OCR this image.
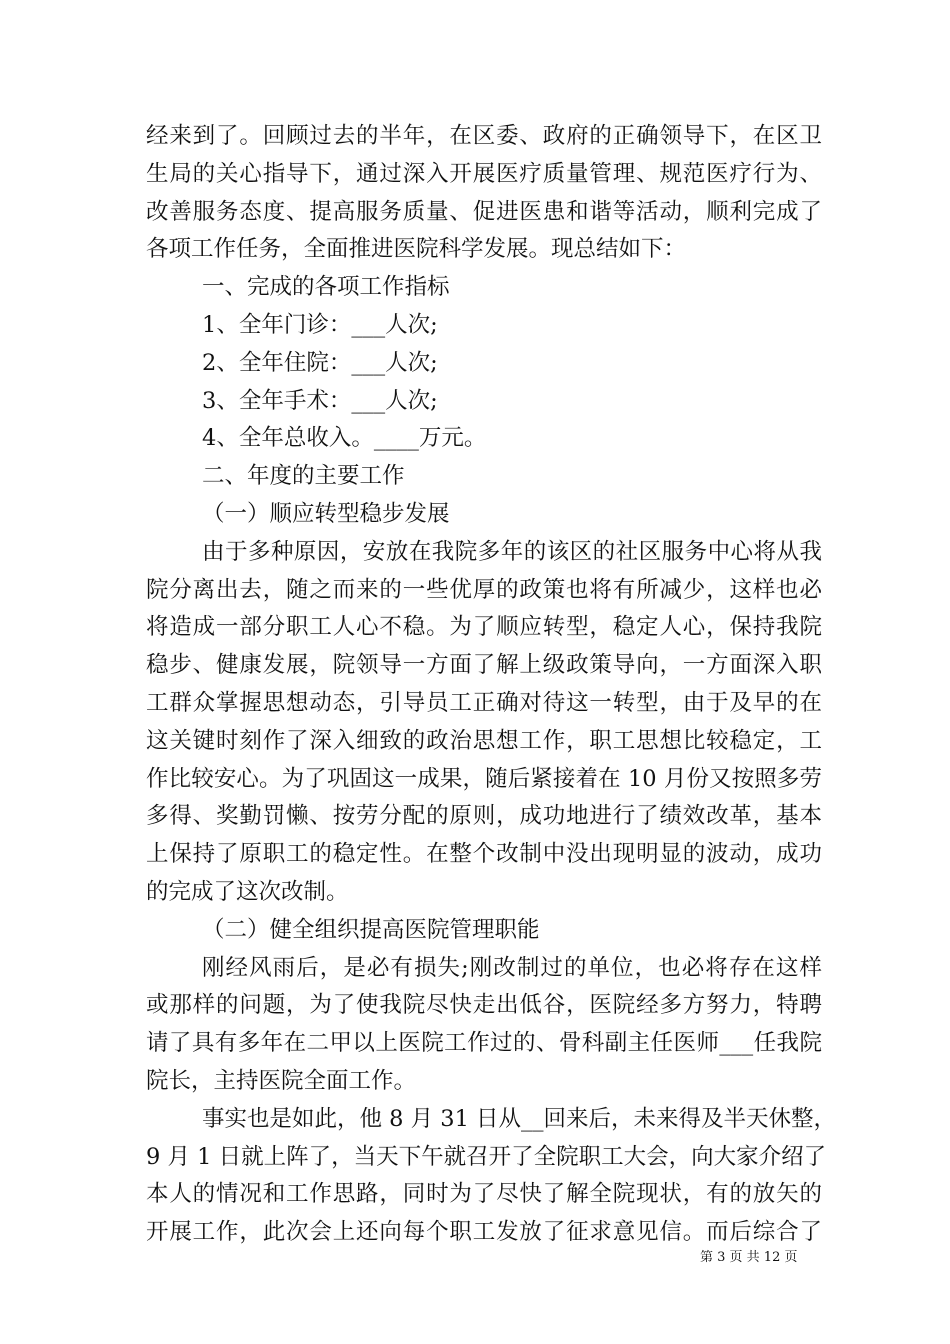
经来到了。回顾过去的半年，在区委、政府的正确领导下，在区卫
生局的关心指导下，通过深入开展医疗质量管理、规范医疗行为、
改善服务态度、提高服务质量、促进医患和谐等活动，顺利完成了
各项工作任务，全面推进医院科学发展。现总结如下：
一、完成的各项工作指标
1、全年门诊：___人次;
2、全年住院：___人次;
3、全年手术：___人次;
4、全年总收入。____万元。
二、年度的主要工作
（一）顺应转型稳步发展
由于多种原因，安放在我院多年的该区的社区服务中心将从我
院分离出去，随之而来的一些优厚的政策也将有所减少，这样也必
将造成一部分职工人心不稳。为了顺应转型，稳定人心，保持我院
稳步、健康发展，院领导一方面了解上级政策导向，一方面深入职
工群众掌握思想动态，引导员工正确对待这一转型，由于及早的在
这关键时刻作了深入细致的政治思想工作，职工思想比较稳定，工
作比较安心。为了巩固这一成果，随后紧接着在 10 月份又按照多劳
多得、奖勤罚懒、按劳分配的原则，成功地进行了绩效改革，基本
上保持了原职工的稳定性。在整个改制中没出现明显的波动，成功
的完成了这次改制。
（二）健全组织提高医院管理职能
刚经风雨后，是必有损失;刚改制过的单位，也必将存在这样
或那样的问题，为了使我院尽快走出低谷，医院经多方努力，特聘
请了具有多年在二甲以上医院工作过的、骨科副主任医师___任我院
院长，主持医院全面工作。
事实也是如此，他 8 月 31 日从__回来后，未来得及半天休整，
9 月 1 日就上阵了，当天下午就召开了全院职工大会，向大家介绍了
本人的情况和工作思路，同时为了尽快了解全院现状，有的放矢的
开展工作，此次会上还向每个职工发放了征求意见信。而后综合了
第 3 页 共 12 页
